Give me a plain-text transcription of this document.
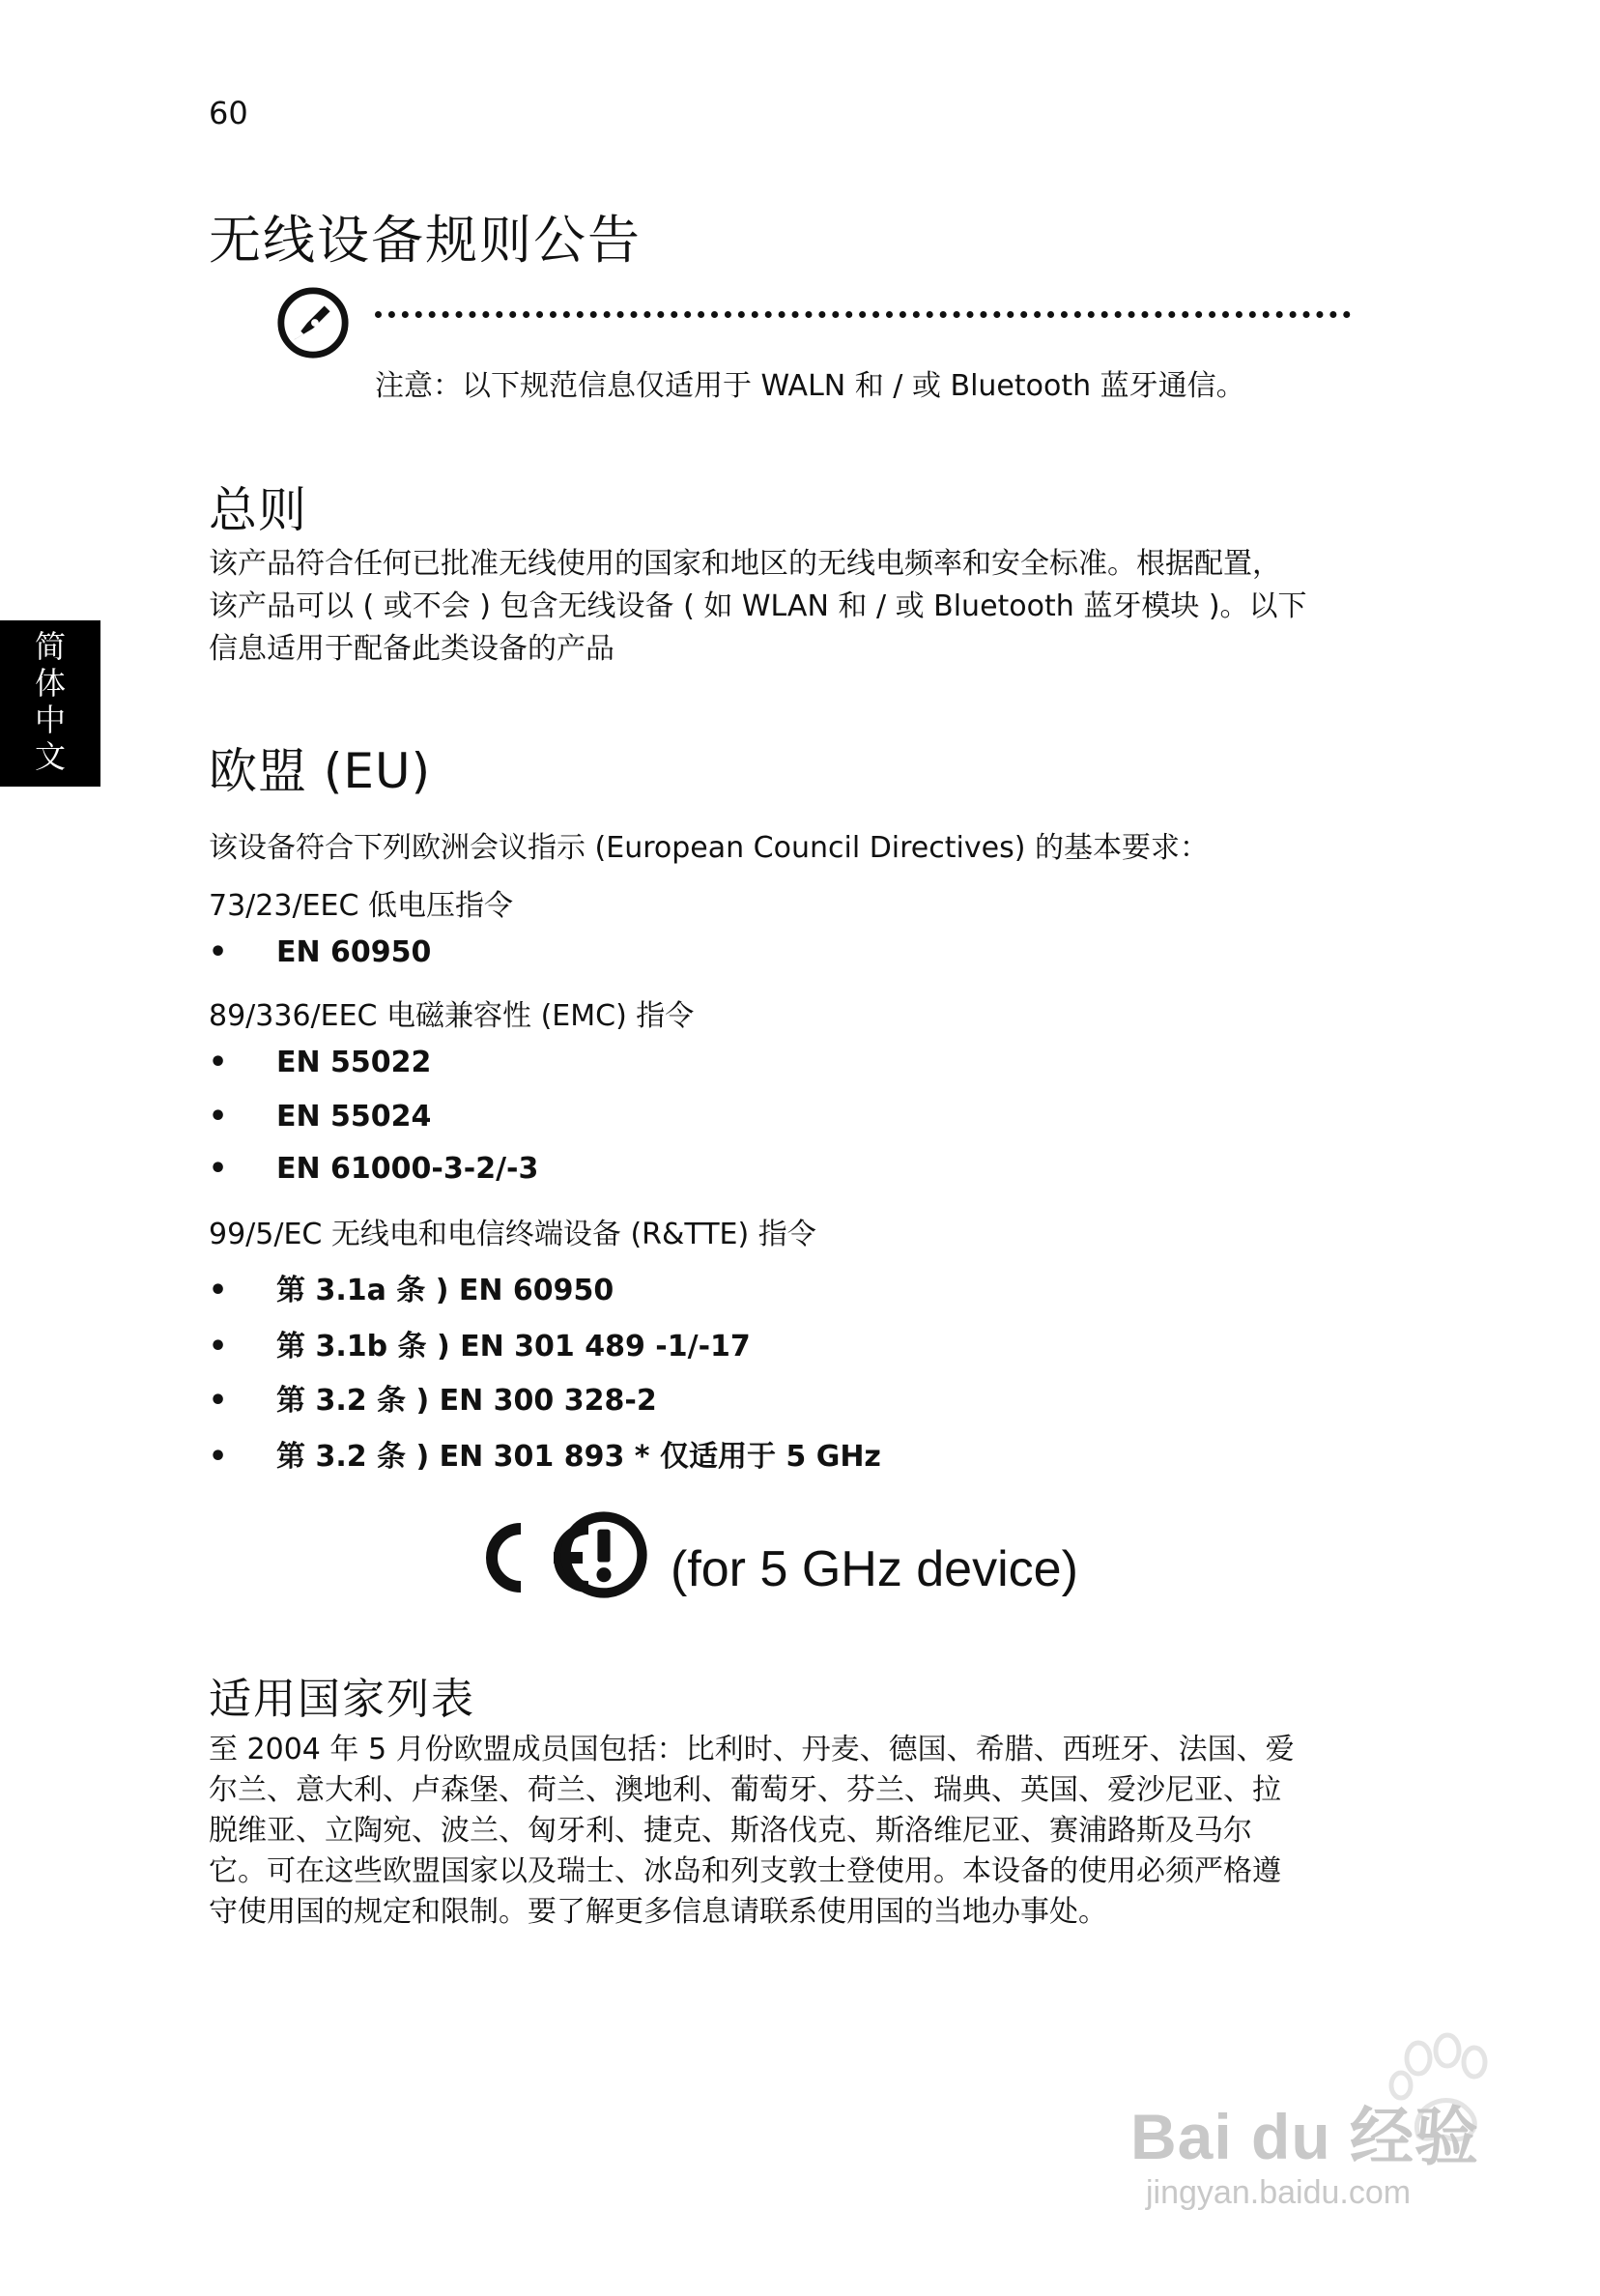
60
简
体
中
文
无线设备规则公告
注意：以下规范信息仅适用于 WALN 和 / 或 Bluetooth 蓝牙通信。
总则
该产品符合任何已批准无线使用的国家和地区的无线电频率和安全标准。根据配置，
该产品可以 ( 或不会 ) 包含无线设备 ( 如 WLAN 和 / 或 Bluetooth 蓝牙模块 )。以下
信息适用于配备此类设备的产品
欧盟 (EU)
该设备符合下列欧洲会议指示 (European Council Directives) 的基本要求：
73/23/EEC 低电压指令
• EN 60950
89/336/EEC 电磁兼容性 (EMC) 指令
• EN 55022
• EN 55024
• EN 61000-3-2/-3
99/5/EC 无线电和电信终端设备 (R&TTE) 指令
• 第 3.1a 条 ) EN 60950
• 第 3.1b 条 ) EN 301 489 -1/-17
• 第 3.2 条 ) EN 300 328-2
• 第 3.2 条 ) EN 301 893 * 仅适用于 5 GHz
(for 5 GHz device)
适用国家列表
至 2004 年 5 月份欧盟成员国包括：比利时、丹麦、德国、希腊、西班牙、法国、爱
尔兰、意大利、卢森堡、荷兰、澳地利、葡萄牙、芬兰、瑞典、英国、爱沙尼亚、拉
脱维亚、立陶宛、波兰、匈牙利、捷克、斯洛伐克、斯洛维尼亚、赛浦路斯及马尔
它。可在这些欧盟国家以及瑞士、冰岛和列支敦士登使用。本设备的使用必须严格遵
守使用国的规定和限制。要了解更多信息请联系使用国的当地办事处。
Bai du 经验
jingyan.baidu.com
